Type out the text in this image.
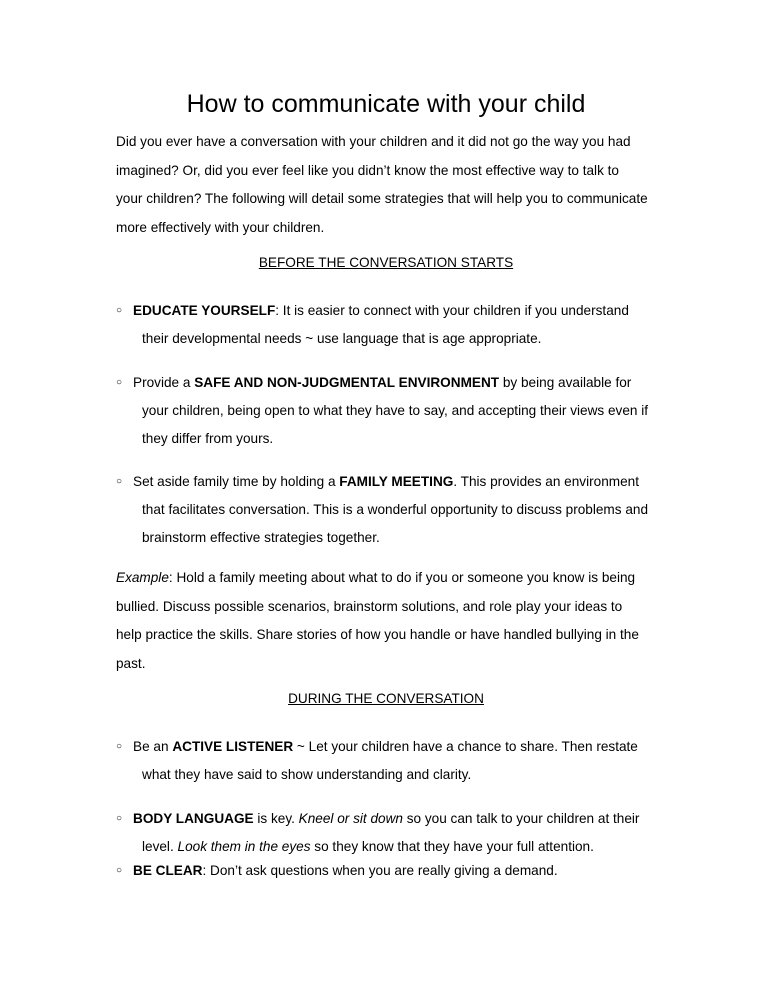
How to communicate with your child
Did you ever have a conversation with your children and it did not go the way you had
imagined? Or, did you ever feel like you didn’t know the most effective way to talk to
your children? The following will detail some strategies that will help you to communicate
more effectively with your children.
BEFORE THE CONVERSATION STARTS
○ EDUCATE YOURSELF: It is easier to connect with your children if you understand
their developmental needs ~ use language that is age appropriate.
○ Provide a SAFE AND NON-JUDGMENTAL ENVIRONMENT by being available for
your children, being open to what they have to say, and accepting their views even if
they differ from yours.
○ Set aside family time by holding a FAMILY MEETING. This provides an environment
that facilitates conversation. This is a wonderful opportunity to discuss problems and
brainstorm effective strategies together.
Example: Hold a family meeting about what to do if you or someone you know is being
bullied. Discuss possible scenarios, brainstorm solutions, and role play your ideas to
help practice the skills. Share stories of how you handle or have handled bullying in the
past.
DURING THE CONVERSATION
○ Be an ACTIVE LISTENER ~ Let your children have a chance to share. Then restate
what they have said to show understanding and clarity.
○ BODY LANGUAGE is key. Kneel or sit down so you can talk to your children at their
level. Look them in the eyes so they know that they have your full attention.
○ BE CLEAR: Don’t ask questions when you are really giving a demand.
